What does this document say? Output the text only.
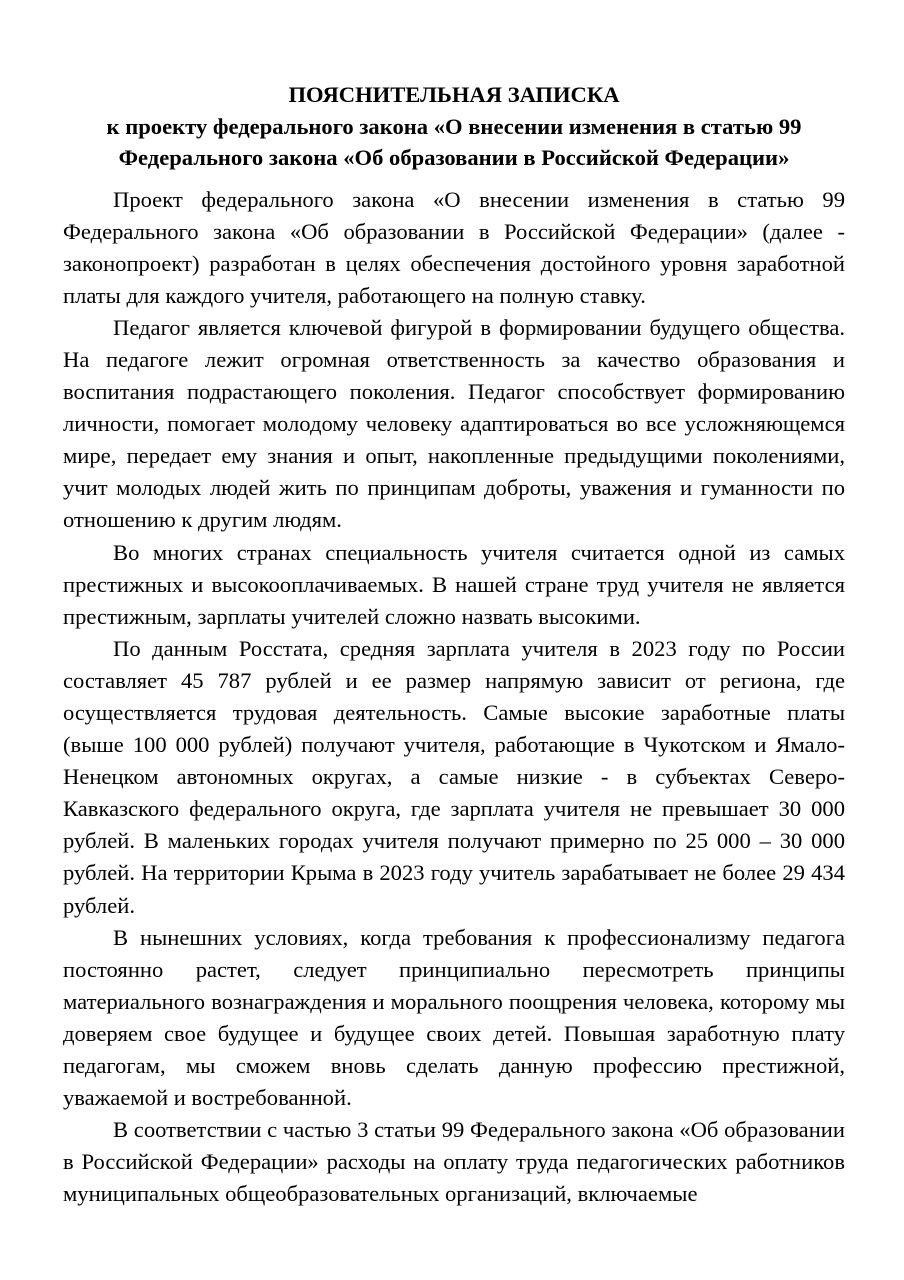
ПОЯСНИТЕЛЬНАЯ ЗАПИСКА
к проекту федерального закона «О внесении изменения в статью 99
Федерального закона «Об образовании в Российской Федерации»

Проект федерального закона «О внесении изменения в статью 99 Федерального закона «Об образовании в Российской Федерации» (далее - законопроект) разработан в целях обеспечения достойного уровня заработной платы для каждого учителя, работающего на полную ставку.

Педагог является ключевой фигурой в формировании будущего общества. На педагоге лежит огромная ответственность за качество образования и воспитания подрастающего поколения. Педагог способствует формированию личности, помогает молодому человеку адаптироваться во все усложняющемся мире, передает ему знания и опыт, накопленные предыдущими поколениями, учит молодых людей жить по принципам доброты, уважения и гуманности по отношению к другим людям.

Во многих странах специальность учителя считается одной из самых престижных и высокооплачиваемых. В нашей стране труд учителя не является престижным, зарплаты учителей сложно назвать высокими.

По данным Росстата, средняя зарплата учителя в 2023 году по России составляет 45 787 рублей и ее размер напрямую зависит от региона, где осуществляется трудовая деятельность. Самые высокие заработные платы (выше 100 000 рублей) получают учителя, работающие в Чукотском и Ямало-Ненецком автономных округах, а самые низкие - в субъектах Северо-Кавказского федерального округа, где зарплата учителя не превышает 30 000 рублей. В маленьких городах учителя получают примерно по 25 000 – 30 000 рублей. На территории Крыма в 2023 году учитель зарабатывает не более 29 434 рублей.

В нынешних условиях, когда требования к профессионализму педагога постоянно растет, следует принципиально пересмотреть принципы материального вознаграждения и морального поощрения человека, которому мы доверяем свое будущее и будущее своих детей. Повышая заработную плату педагогам, мы сможем вновь сделать данную профессию престижной, уважаемой и востребованной.

В соответствии с частью 3 статьи 99 Федерального закона «Об образовании в Российской Федерации» расходы на оплату труда педагогических работников муниципальных общеобразовательных организаций, включаемые
